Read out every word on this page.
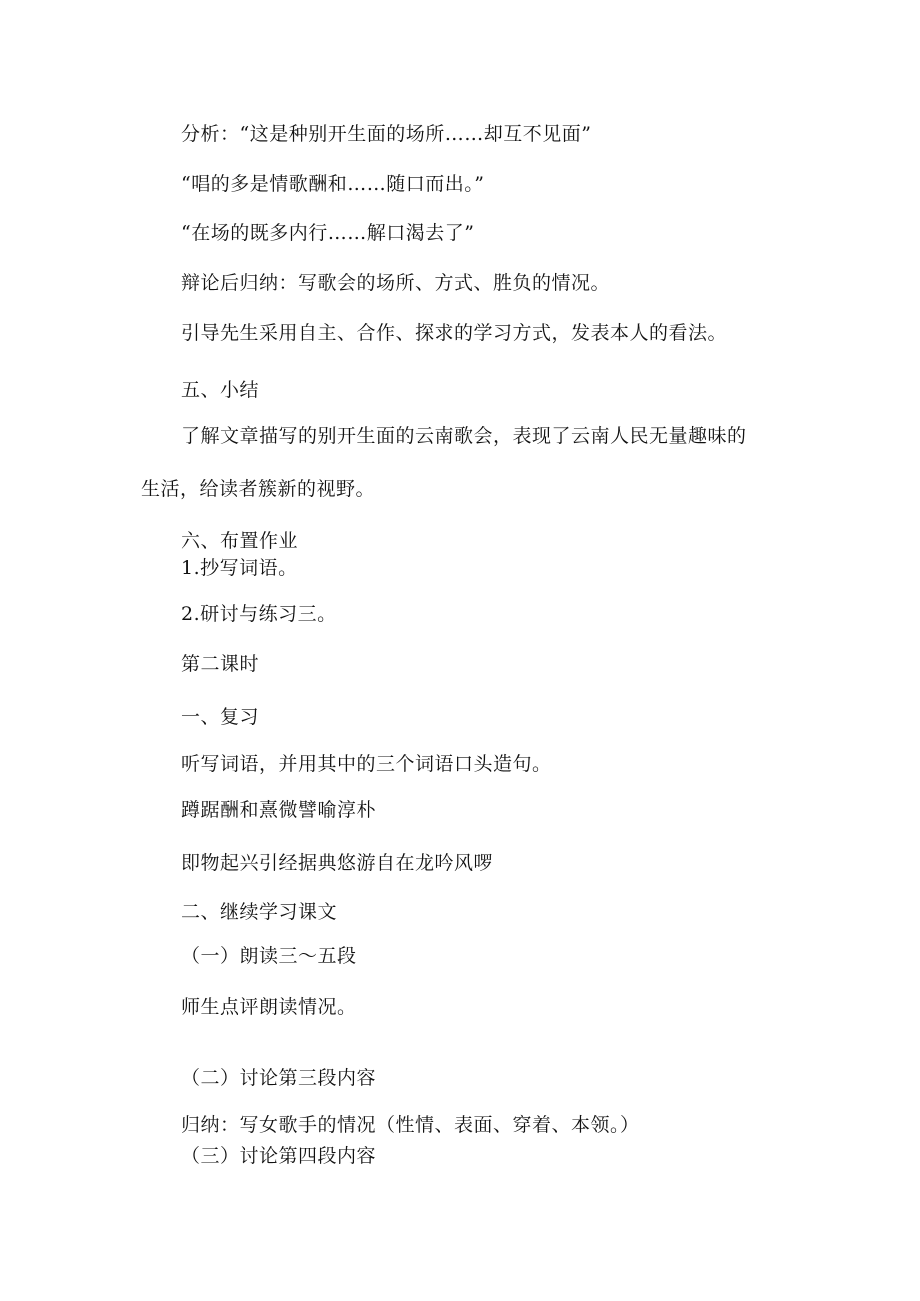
分析：“这是种别开生面的场所……却互不见面”
“唱的多是情歌酬和……随口而出。”
“在场的既多内行……解口渴去了”
辩论后归纳：写歌会的场所、方式、胜负的情况。
引导先生采用自主、合作、探求的学习方式，发表本人的看法。
五、小结
了解文章描写的别开生面的云南歌会，表现了云南人民无量趣味的
生活，给读者簇新的视野。
六、布置作业
1.抄写词语。
2.研讨与练习三。
第二课时
一、复习
听写词语，并用其中的三个词语口头造句。
蹲踞酬和熹微譬喻淳朴
即物起兴引经据典悠游自在龙吟风啰
二、继续学习课文
（一）朗读三～五段
师生点评朗读情况。
（二）讨论第三段内容
归纳：写女歌手的情况（性情、表面、穿着、本领。）
（三）讨论第四段内容
